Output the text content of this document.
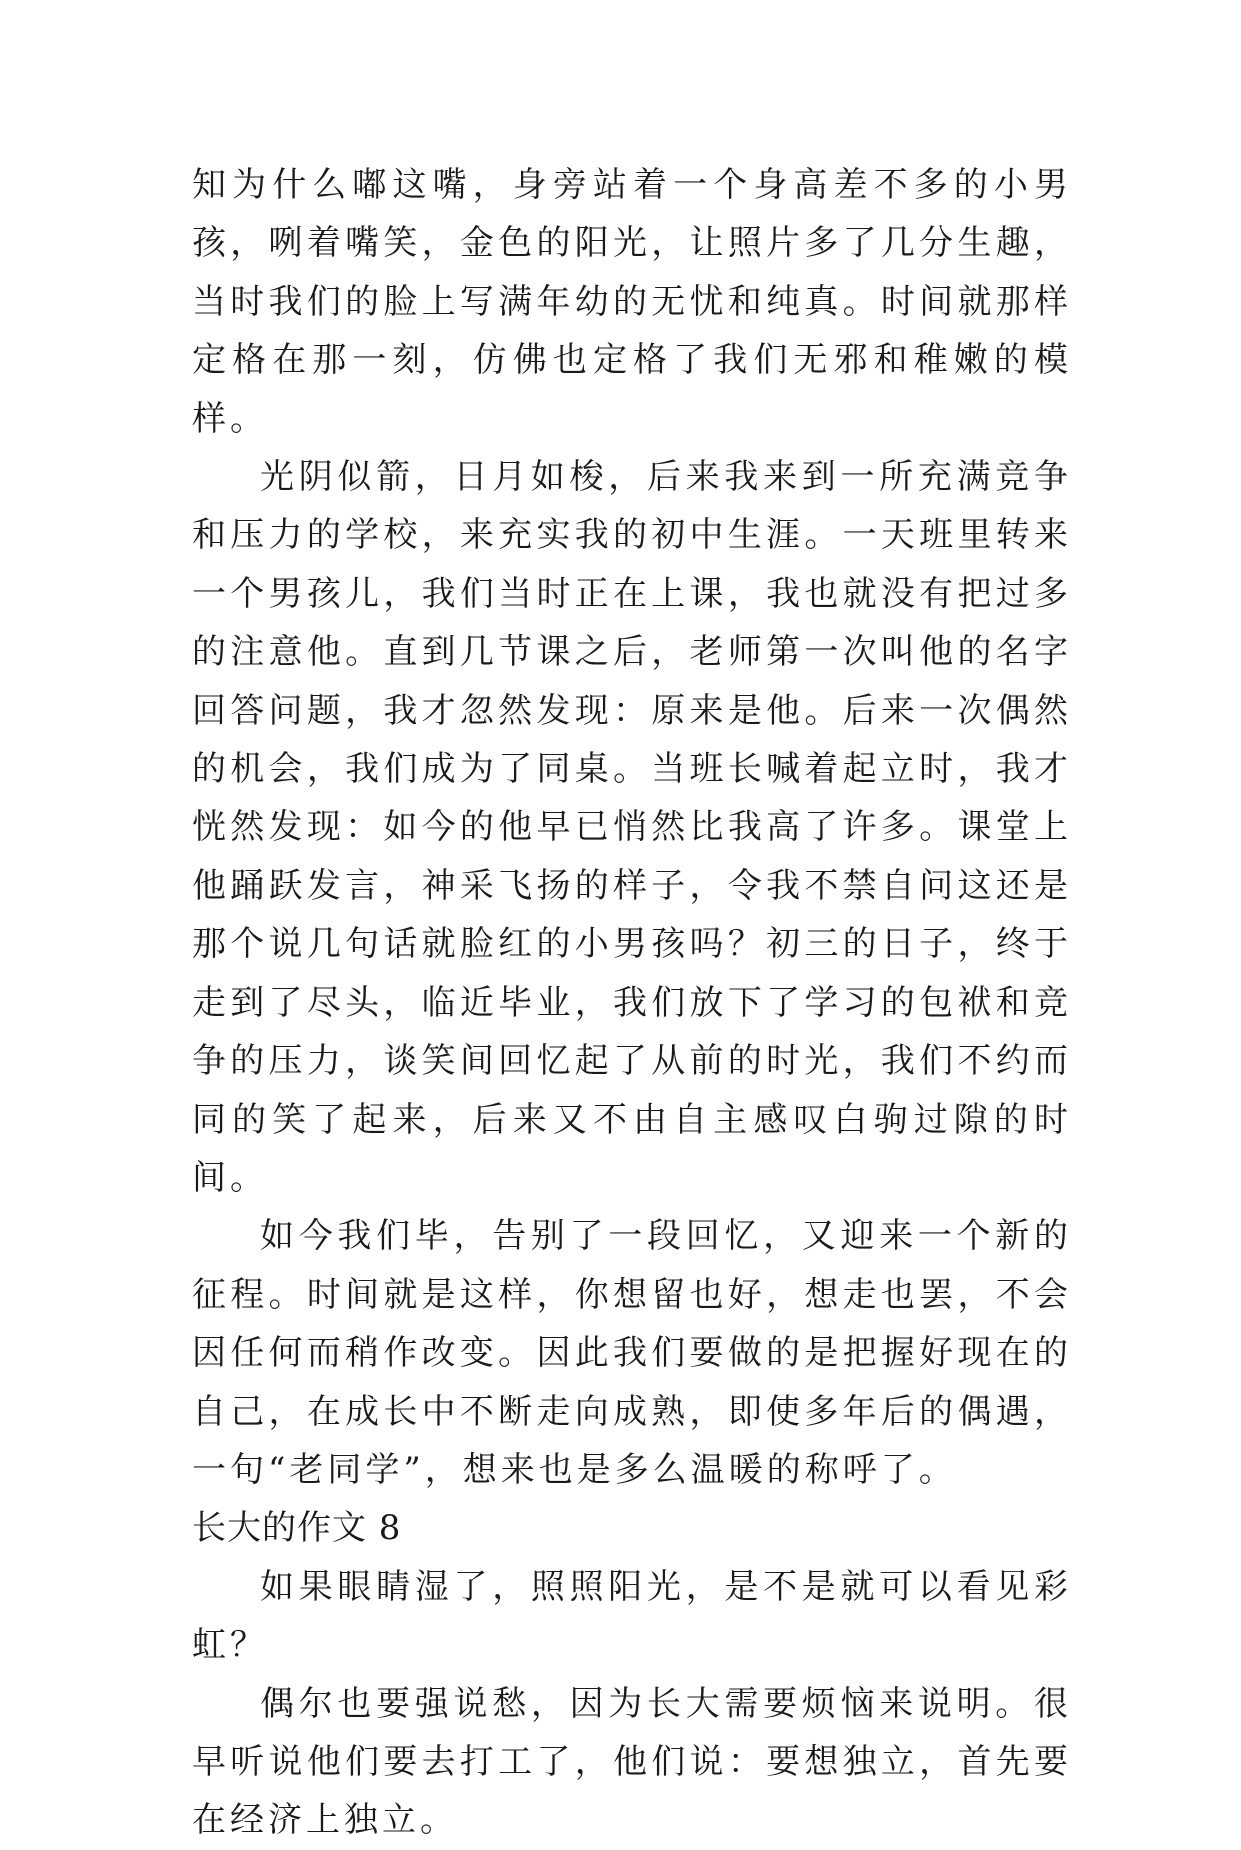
知为什么嘟这嘴，身旁站着一个身高差不多的小男孩，咧着嘴笑，金色的阳光，让照片多了几分生趣，当时我们的脸上写满年幼的无忧和纯真。时间就那样定格在那一刻，仿佛也定格了我们无邪和稚嫩的模样。

光阴似箭，日月如梭，后来我来到一所充满竞争和压力的学校，来充实我的初中生涯。一天班里转来一个男孩儿，我们当时正在上课，我也就没有把过多的注意他。直到几节课之后，老师第一次叫他的名字回答问题，我才忽然发现：原来是他。后来一次偶然的机会，我们成为了同桌。当班长喊着起立时，我才恍然发现：如今的他早已悄然比我高了许多。课堂上他踊跃发言，神采飞扬的样子，令我不禁自问这还是那个说几句话就脸红的小男孩吗？初三的日子，终于走到了尽头，临近毕业，我们放下了学习的包袱和竞争的压力，谈笑间回忆起了从前的时光，我们不约而同的笑了起来，后来又不由自主感叹白驹过隙的时间。

如今我们毕，告别了一段回忆，又迎来一个新的征程。时间就是这样，你想留也好，想走也罢，不会因任何而稍作改变。因此我们要做的是把握好现在的自己，在成长中不断走向成熟，即使多年后的偶遇，一句“老同学”，想来也是多么温暖的称呼了。

长大的作文 8

如果眼睛湿了，照照阳光，是不是就可以看见彩虹？

偶尔也要强说愁，因为长大需要烦恼来说明。很早听说他们要去打工了，他们说：要想独立，首先要在经济上独立。
